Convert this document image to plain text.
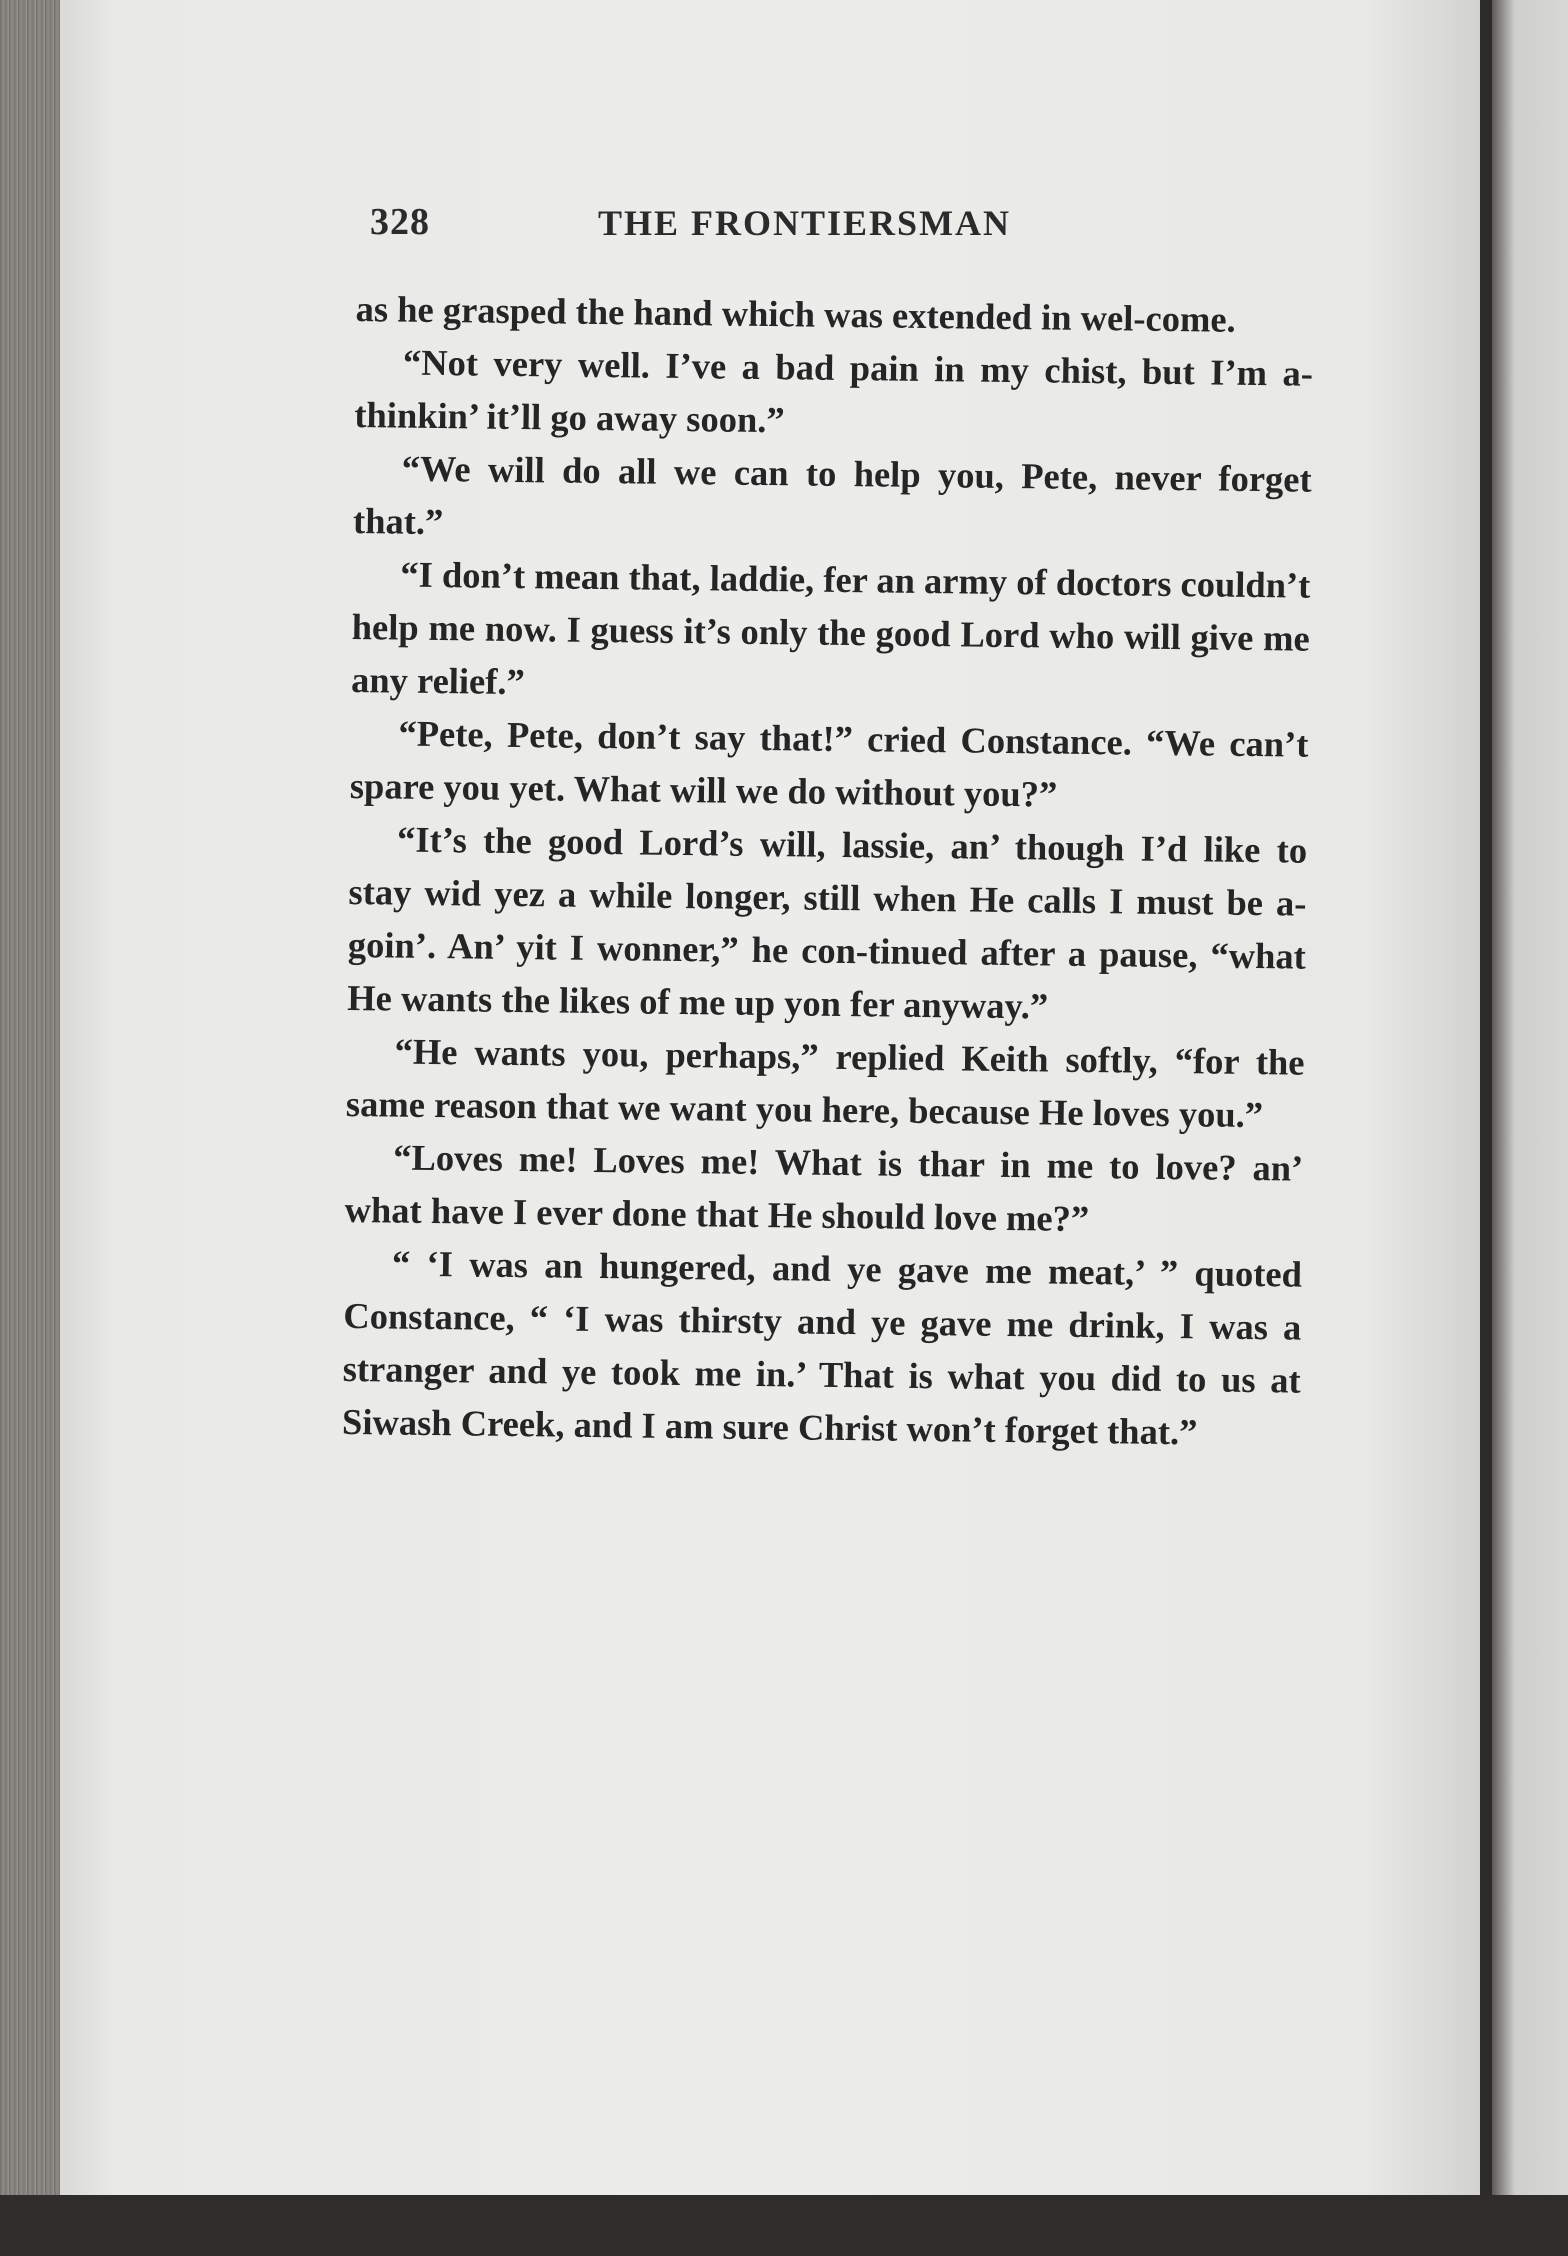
328	THE FRONTIERSMAN

as he grasped the hand which was extended in wel-come.

“Not very well. I’ve a bad pain in my chist, but I’m a-thinkin’ it’ll go away soon.”

“We will do all we can to help you, Pete, never forget that.”

“I don’t mean that, laddie, fer an army of doctors couldn’t help me now. I guess it’s only the good Lord who will give me any relief.”

“Pete, Pete, don’t say that!” cried Constance. “We can’t spare you yet. What will we do without you?”

“It’s the good Lord’s will, lassie, an’ though I’d like to stay wid yez a while longer, still when He calls I must be a-goin’. An’ yit I wonner,” he con-tinued after a pause, “what He wants the likes of me up yon fer anyway.”

“He wants you, perhaps,” replied Keith softly, “for the same reason that we want you here, because He loves you.”

“Loves me! Loves me! What is thar in me to love? an’ what have I ever done that He should love me?”

“ ‘I was an hungered, and ye gave me meat,’ ” quoted Constance, “ ‘I was thirsty and ye gave me drink, I was a stranger and ye took me in.’ That is what you did to us at Siwash Creek, and I am sure Christ won’t forget that.”
